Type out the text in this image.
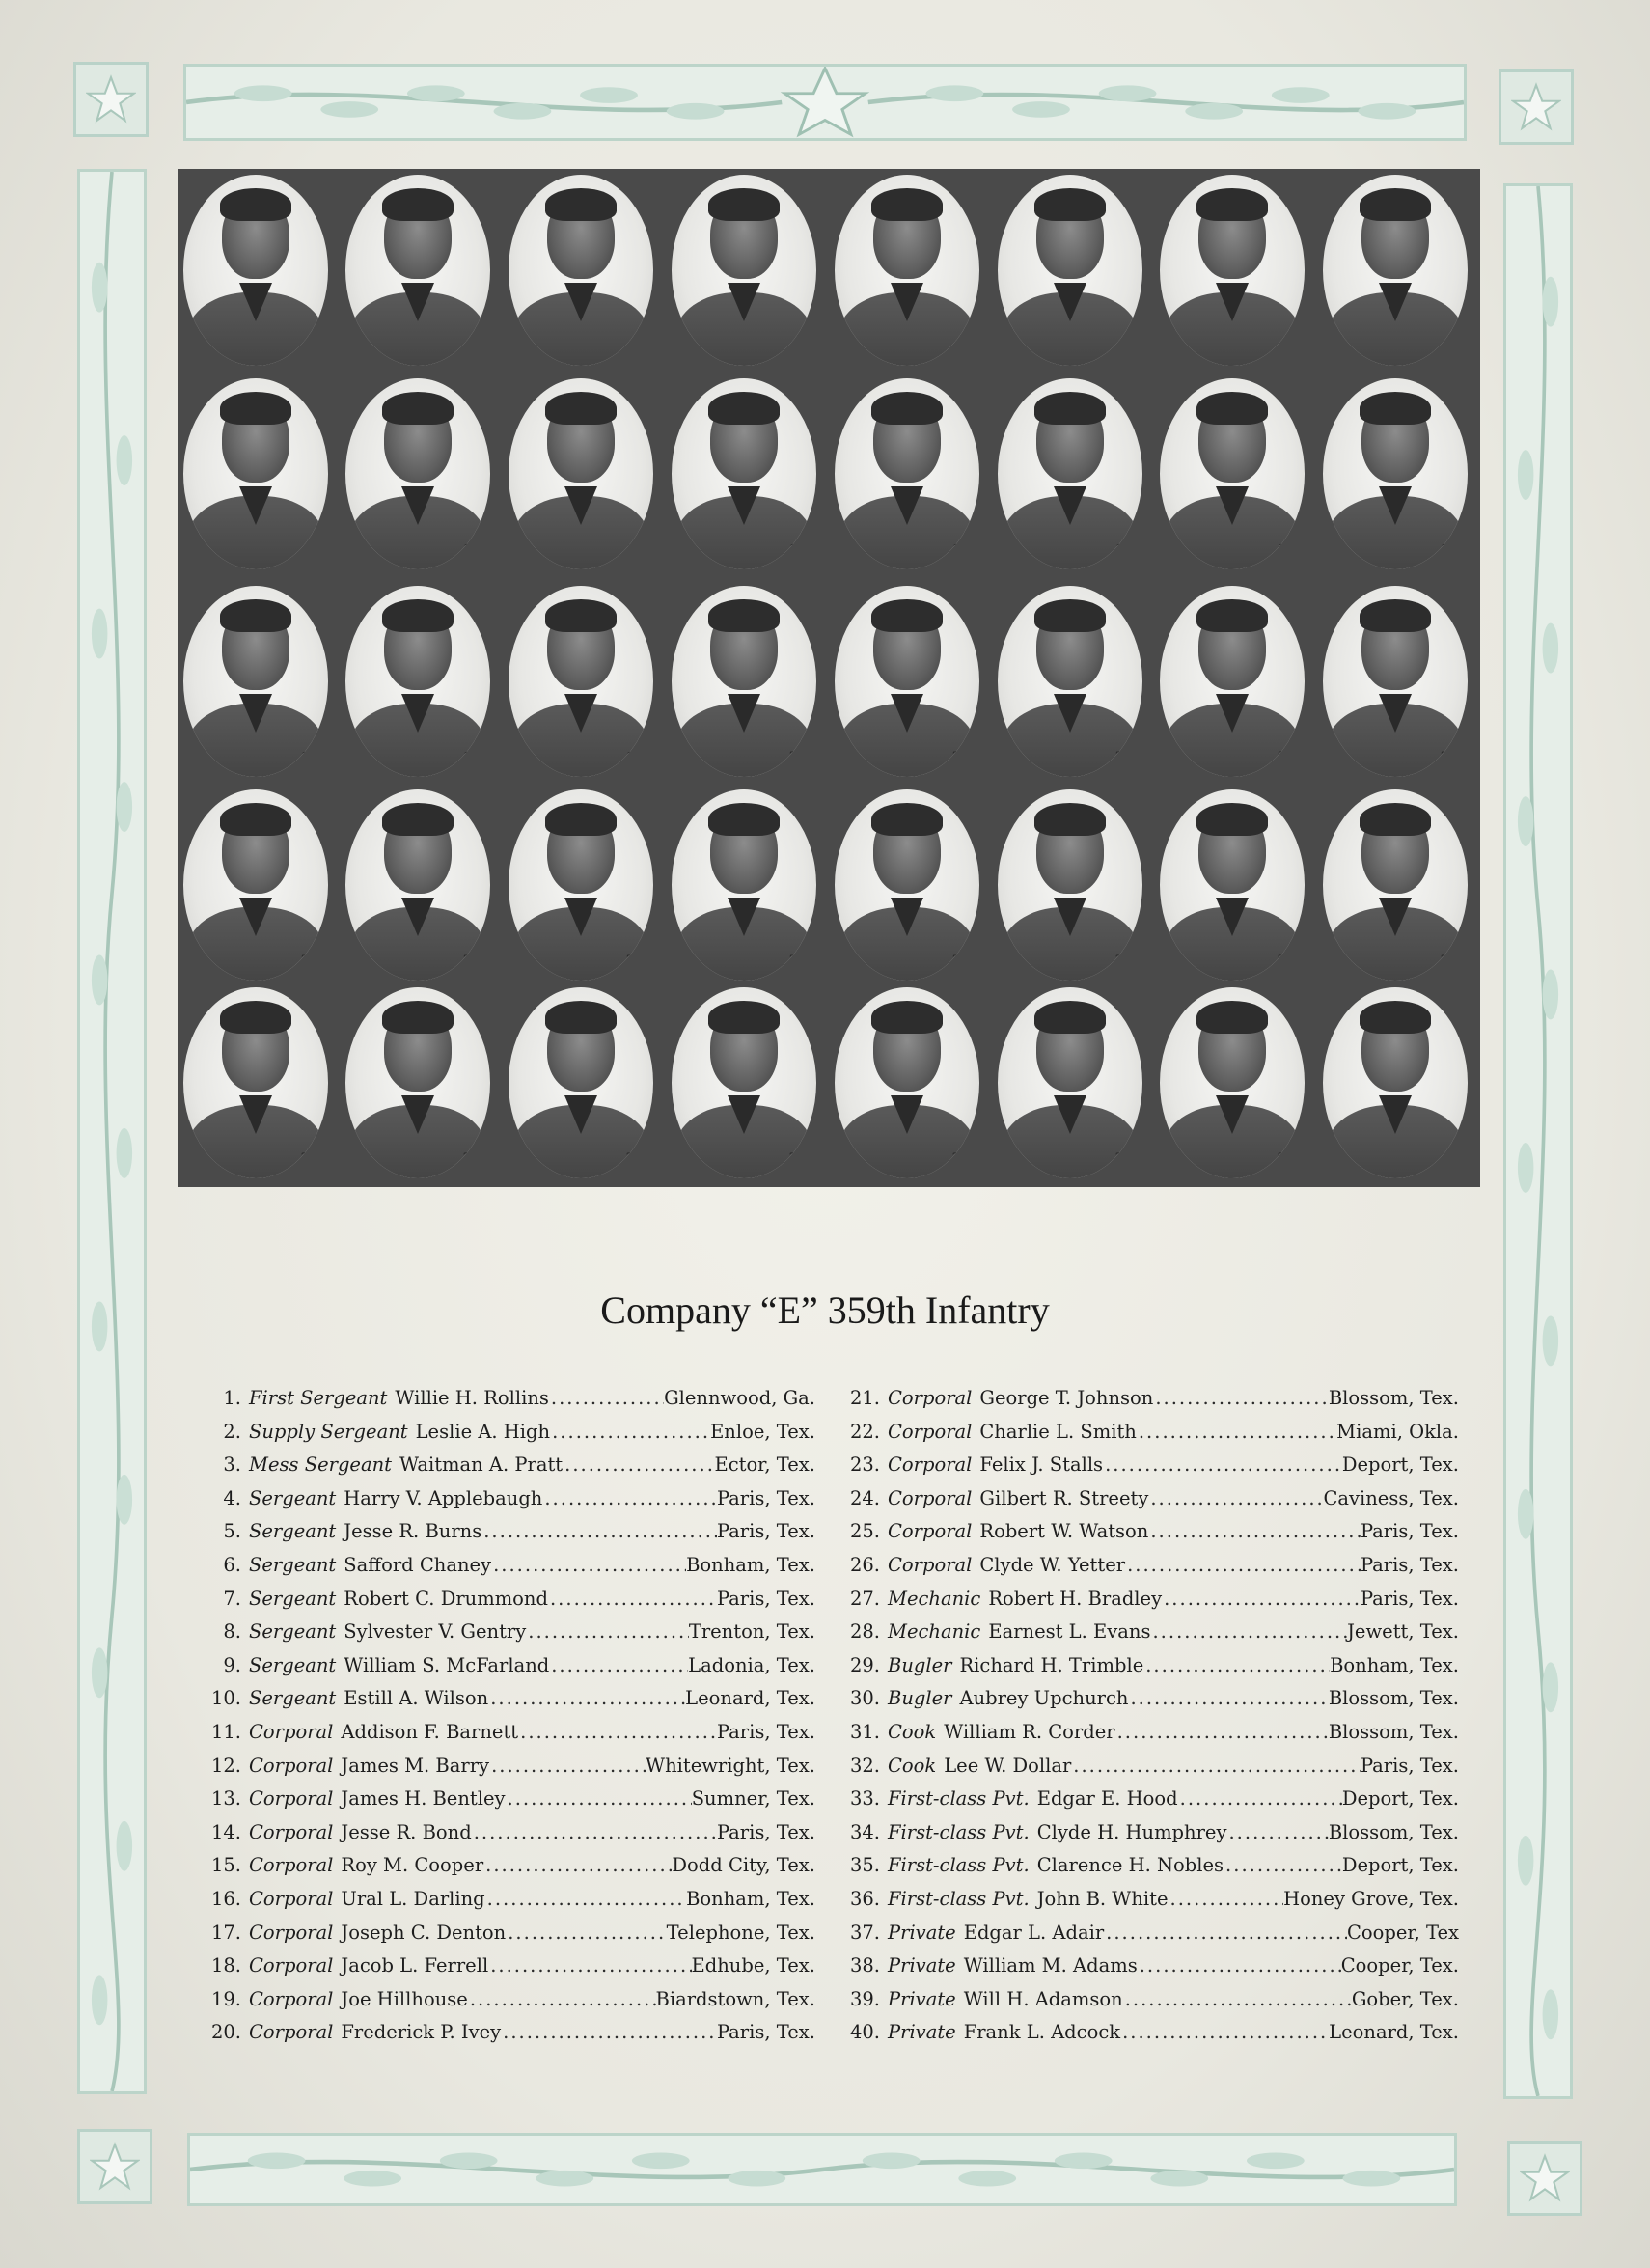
1	2	3	4	5	6	7	8
9	10	11	12	13	14	15	16
17	18	19	20	21	22	23	24
25	26	27	28	29	30	31	32
33	34	35	36	37	38	39	40
Company “E” 359th Infantry
1. First Sergeant Willie H. Rollins .....	Glennwood, Ga.
2. Supply Sergeant Leslie A. High .....	Enloe, Tex.
3. Mess Sergeant Waitman A. Pratt .....	Ector, Tex.
4. Sergeant Harry V. Applebaugh .....	Paris, Tex.
5. Sergeant Jesse R. Burns .....	Paris, Tex.
6. Sergeant Safford Chaney .....	Bonham, Tex.
7. Sergeant Robert C. Drummond .....	Paris, Tex.
8. Sergeant Sylvester V. Gentry .....	Trenton, Tex.
9. Sergeant William S. McFarland .....	Ladonia, Tex.
10. Sergeant Estill A. Wilson .....	Leonard, Tex.
11. Corporal Addison F. Barnett .....	Paris, Tex.
12. Corporal James M. Barry .....	Whitewright, Tex.
13. Corporal James H. Bentley .....	Sumner, Tex.
14. Corporal Jesse R. Bond .....	Paris, Tex.
15. Corporal Roy M. Cooper .....	Dodd City, Tex.
16. Corporal Ural L. Darling .....	Bonham, Tex.
17. Corporal Joseph C. Denton .....	Telephone, Tex.
18. Corporal Jacob L. Ferrell .....	Edhube, Tex.
19. Corporal Joe Hillhouse .....	Biardstown, Tex.
20. Corporal Frederick P. Ivey .....	Paris, Tex.
21. Corporal George T. Johnson .....	Blossom, Tex.
22. Corporal Charlie L. Smith .....	Miami, Okla.
23. Corporal Felix J. Stalls .....	Deport, Tex.
24. Corporal Gilbert R. Streety .....	Caviness, Tex.
25. Corporal Robert W. Watson .....	Paris, Tex.
26. Corporal Clyde W. Yetter .....	Paris, Tex.
27. Mechanic Robert H. Bradley .....	Paris, Tex.
28. Mechanic Earnest L. Evans .....	Jewett, Tex.
29. Bugler Richard H. Trimble .....	Bonham, Tex.
30. Bugler Aubrey Upchurch .....	Blossom, Tex.
31. Cook William R. Corder .....	Blossom, Tex.
32. Cook Lee W. Dollar .....	Paris, Tex.
33. First-class Pvt. Edgar E. Hood .....	Deport, Tex.
34. First-class Pvt. Clyde H. Humphrey .....	Blossom, Tex.
35. First-class Pvt. Clarence H. Nobles .....	Deport, Tex.
36. First-class Pvt. John B. White .....	Honey Grove, Tex.
37. Private Edgar L. Adair .....	Cooper, Tex
38. Private William M. Adams .....	Cooper, Tex.
39. Private Will H. Adamson .....	Gober, Tex.
40. Private Frank L. Adcock .....	Leonard, Tex.
